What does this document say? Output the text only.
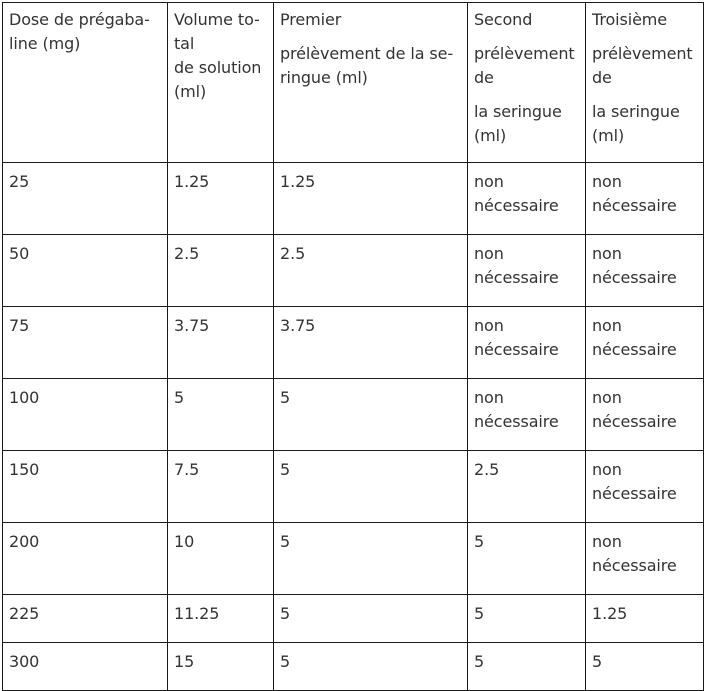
Dose de prégaba-
line (mg)	Volume to-
tal
de solution
(ml)	Premier
prélèvement de la se-
ringue (ml)	Second
prélèvement
de
la seringue
(ml)	Troisième
prélèvement
de
la seringue
(ml)

25	1.25	1.25	non
nécessaire	non
nécessaire

50	2.5	2.5	non
nécessaire	non
nécessaire

75	3.75	3.75	non
nécessaire	non
nécessaire

100	5	5	non
nécessaire	non
nécessaire

150	7.5	5	2.5	non
nécessaire

200	10	5	5	non
nécessaire

225	11.25	5	5	1.25
300	15	5	5	5
